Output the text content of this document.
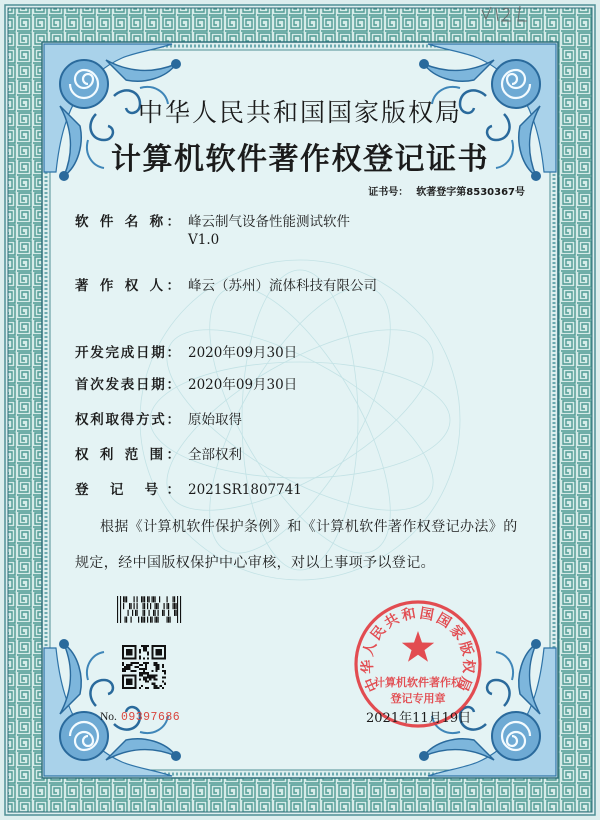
中华人民共和国国家版权局
计算机软件著作权登记证书
证书号： 软著登字第8530367号
软 件 名 称： 峰云制气设备性能测试软件
V1.0
著 作 权 人： 峰云（苏州）流体科技有限公司
开发完成日期： 2020年09月30日
首次发表日期： 2020年09月30日
权利取得方式： 原始取得
权 利 范 围： 全部权利
登 记 号： 2021SR1807741
根据《计算机软件保护条例》和《计算机软件著作权登记办法》的
规定，经中国版权保护中心审核，对以上事项予以登记。
No. 09397686
中华人民共和国国家版权局
计算机软件著作权
登记专用章
2021年11月19日
